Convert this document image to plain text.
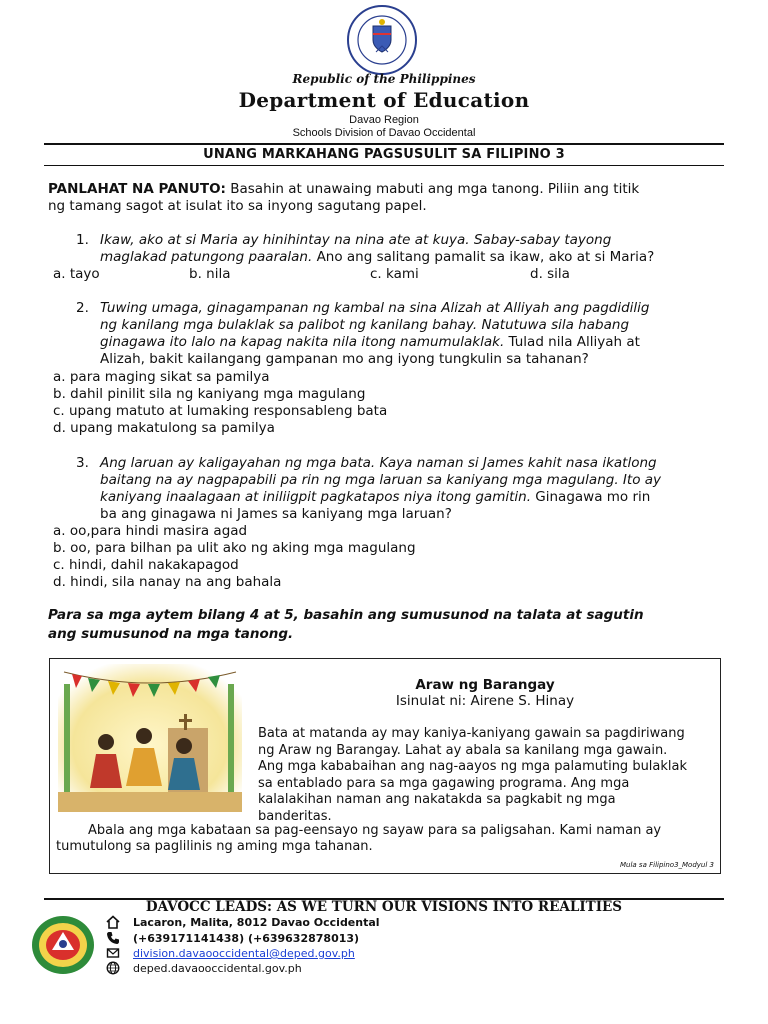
Republic of the Philippines
Department of Education
Davao Region
Schools Division of Davao Occidental
UNANG MARKAHANG PAGSUSULIT SA FILIPINO 3
PANLAHAT NA PANUTO: Basahin at unawaing mabuti ang mga tanong. Piliin ang titik
ng tamang sagot at isulat ito sa inyong sagutang papel.
1. Ikaw, ako at si Maria ay hinihintay na nina ate at kuya. Sabay-sabay tayong
maglakad patungong paaralan. Ano ang salitang pamalit sa ikaw, ako at si Maria?
a. tayo	b. nila	c. kami	d. sila
2. Tuwing umaga, ginagampanan ng kambal na sina Alizah at Alliyah ang pagdidilig
ng kanilang mga bulaklak sa palibot ng kanilang bahay. Natutuwa sila habang
ginagawa ito lalo na kapag nakita nila itong namumulaklak. Tulad nila Alliyah at
Alizah, bakit kailangang gampanan mo ang iyong tungkulin sa tahanan?
a. para maging sikat sa pamilya
b. dahil pinilit sila ng kaniyang mga magulang
c. upang matuto at lumaking responsableng bata
d. upang makatulong sa pamilya
3. Ang laruan ay kaligayahan ng mga bata. Kaya naman si James kahit nasa ikatlong
baitang na ay nagpapabili pa rin ng mga laruan sa kaniyang mga magulang. Ito ay
kaniyang inaalagaan at iniliigpit pagkatapos niya itong gamitin. Ginagawa mo rin
ba ang ginagawa ni James sa kaniyang mga laruan?
a. oo,para hindi masira agad
b. oo, para bilhan pa ulit ako ng aking mga magulang
c. hindi, dahil nakakapagod
d. hindi, sila nanay na ang bahala
Para sa mga aytem bilang 4 at 5, basahin ang sumusunod na talata at sagutin
ang sumusunod na mga tanong.
Araw ng Barangay
Isinulat ni: Airene S. Hinay
Bata at matanda ay may kaniya-kaniyang gawain sa pagdiriwang
ng Araw ng Barangay. Lahat ay abala sa kanilang mga gawain.
Ang mga kababaihan ang nag-aayos ng mga palamuting bulaklak
sa entablado para sa mga gagawing programa. Ang mga
kalalakihan naman ang nakatakda sa pagkabit ng mga
banderitas.
Abala ang mga kabataan sa pag-eensayo ng sayaw para sa paligsahan. Kami naman ay
tumutulong sa paglilinis ng aming mga tahanan.
Mula sa Filipino3_Modyul 3
DAVOCC LEADS: AS WE TURN OUR VISIONS INTO REALITIES
Lacaron, Malita, 8012 Davao Occidental
(+639171141438) (+639632878013)
division.davaooccidental@deped.gov.ph
deped.davaooccidental.gov.ph
